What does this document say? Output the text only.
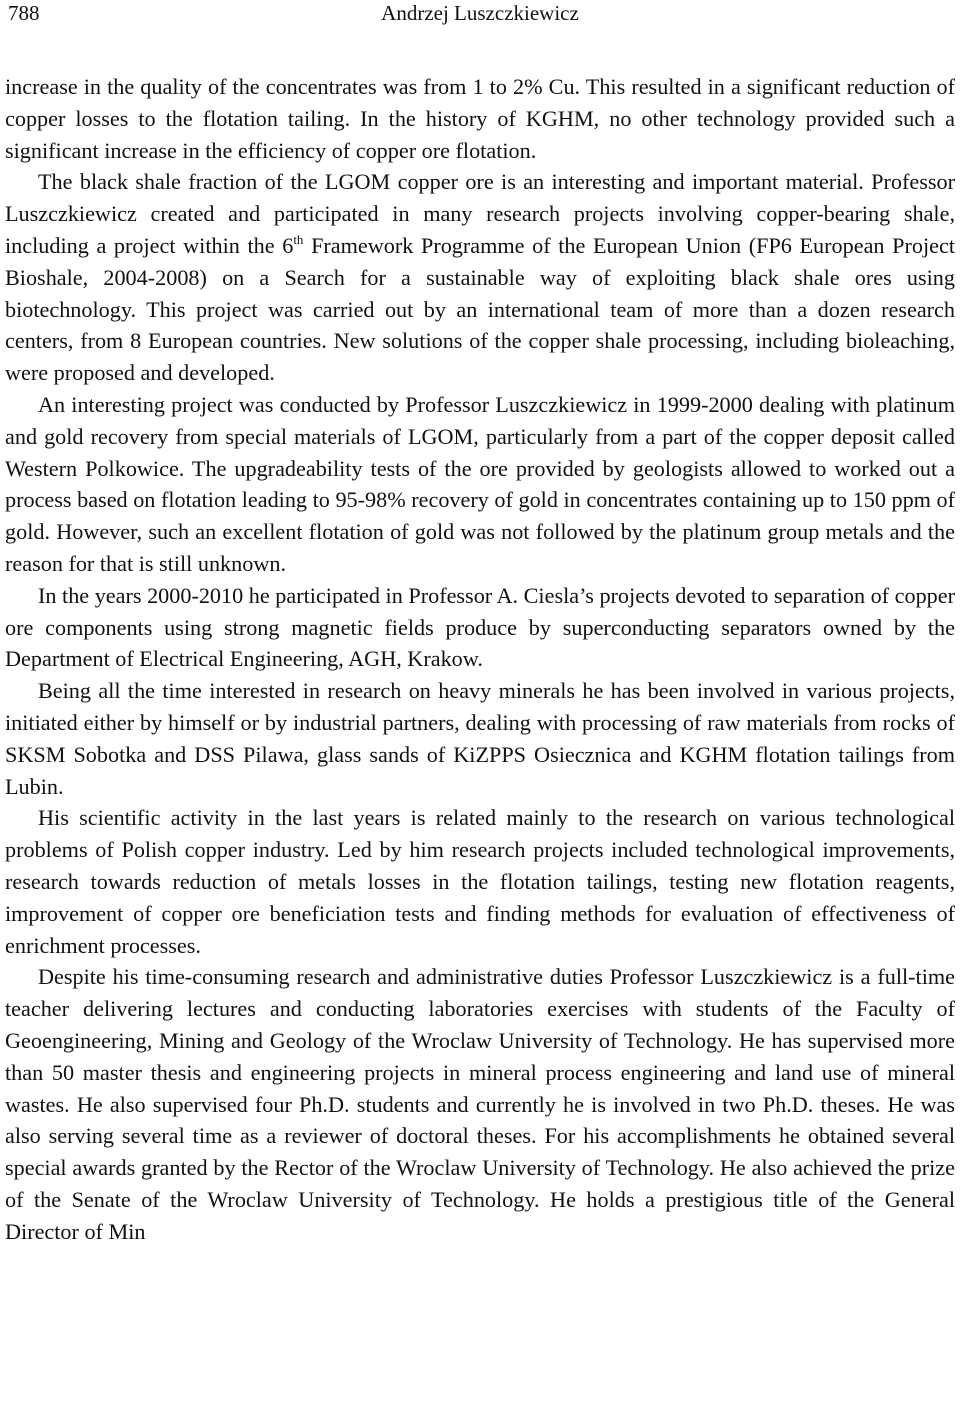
788	Andrzej Luszczkiewicz

increase in the quality of the concentrates was from 1 to 2% Cu. This resulted in a significant reduction of copper losses to the flotation tailing. In the history of KGHM, no other technology provided such a significant increase in the efficiency of copper ore flotation.

The black shale fraction of the LGOM copper ore is an interesting and important material. Professor Luszczkiewicz created and participated in many research projects involving copper-bearing shale, including a project within the 6th Framework Programme of the European Union (FP6 European Project Bioshale, 2004-2008) on a Search for a sustainable way of exploiting black shale ores using biotechnology. This project was carried out by an international team of more than a dozen research centers, from 8 European countries. New solutions of the copper shale processing, including bioleaching, were proposed and developed.

An interesting project was conducted by Professor Luszczkiewicz in 1999-2000 dealing with platinum and gold recovery from special materials of LGOM, particularly from a part of the copper deposit called Western Polkowice. The upgradeability tests of the ore provided by geologists allowed to worked out a process based on flotation leading to 95-98% recovery of gold in concentrates containing up to 150 ppm of gold. However, such an excellent flotation of gold was not followed by the platinum group metals and the reason for that is still unknown.

In the years 2000-2010 he participated in Professor A. Ciesla’s projects devoted to separation of copper ore components using strong magnetic fields produce by superconducting separators owned by the Department of Electrical Engineering, AGH, Krakow.

Being all the time interested in research on heavy minerals he has been involved in various projects, initiated either by himself or by industrial partners, dealing with processing of raw materials from rocks of SKSM Sobotka and DSS Pilawa, glass sands of KiZPPS Osiecznica and KGHM flotation tailings from Lubin.

His scientific activity in the last years is related mainly to the research on various technological problems of Polish copper industry. Led by him research projects included technological improvements, research towards reduction of metals losses in the flotation tailings, testing new flotation reagents, improvement of copper ore beneficiation tests and finding methods for evaluation of effectiveness of enrichment processes.

Despite his time-consuming research and administrative duties Professor Luszczkiewicz is a full-time teacher delivering lectures and conducting laboratories exercises with students of the Faculty of Geoengineering, Mining and Geology of the Wroclaw University of Technology. He has supervised more than 50 master thesis and engineering projects in mineral process engineering and land use of mineral wastes. He also supervised four Ph.D. students and currently he is involved in two Ph.D. theses. He was also serving several time as a reviewer of doctoral theses. For his accomplishments he obtained several special awards granted by the Rector of the Wroclaw University of Technology. He also achieved the prize of the Senate of the Wroclaw University of Technology. He holds a prestigious title of the General Director of Min
